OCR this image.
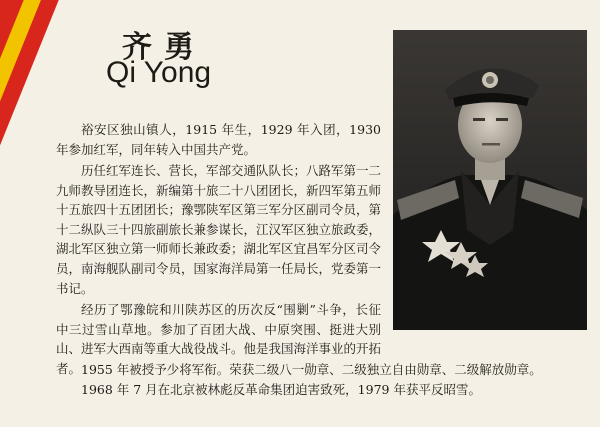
齐勇
Qi Yong

裕安区独山镇人，1915 年生，1929 年入团，1930 年参加红军，同年转入中国共产党。

历任红军连长、营长，军部交通队队长；八路军第一二九师教导团连长，新编第十旅二十八团团长，新四军第五师十五旅四十五团团长；豫鄂陕军区第三军分区副司令员，第十二纵队三十四旅副旅长兼参谋长，江汉军区独立旅政委，湖北军区独立第一师师长兼政委；湖北军区宜昌军分区司令员，南海舰队副司令员，国家海洋局第一任局长，党委第一书记。

经历了鄂豫皖和川陕苏区的历次反“围剿”斗争，长征中三过雪山草地。参加了百团大战、中原突围、挺进大别山、进军大西南等重大战役战斗。他是我国海洋事业的开拓者。 1955 年被授予少将军衔。荣获二级八一勋章、二级独立自由勋章、二级解放勋章。

1968 年 7 月在北京被林彪反革命集团迫害致死，1979 年获平反昭雪。
